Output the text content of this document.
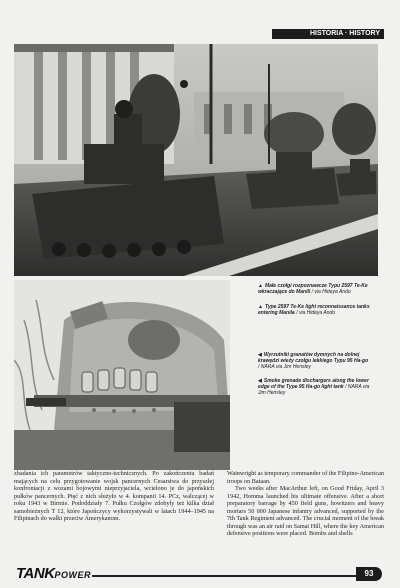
HISTORIA · HISTORY
▲ Małe czołgi rozpoznawcze Typu 2597 Te-Ke wkraczające do Manili / via Hideya Ando
▲ Type 2597 Te-Ke light reconnaissance tanks entering Manila / via Hideya Ando
◀ Wyrzutniki granatów dymnych na dolnej krawędzi wieży czołgu lekkiego Typu 95 Ha-go / NARA via Jim Hensley
◀ Smoke grenade dischargers along the lower edge of the Type 95 Ha-go light tank / NARA via Jim Hensley

zbadania ich parametrów taktyczno-technicznych. Po zakończeniu badań mających na celu przygotowanie wojsk pancernych Cesarstwa do przyszłej konfrontacji z wozami bojowymi nieprzyjaciela, wcielono je do japońskich pułków pancernych. Pięć z nich służyło w 4. kompanii 14. PCz, walczącej w roku 1943 w Birmie. Pododdziały 7. Pułku Czołgów zdobyły też kilka dział samobieżnych T 12, które Japończycy wykorzystywali w latach 1944–1945 na Filipinach do walki przeciw Amerykanom.

Wainwright as temporary commander of the Filipino-American troops on Bataan.

Two weeks after MacArthur left, on Good Friday, April 3 1942, Homma launched his ultimate offensive. After a short preparatory barrage by 450 field guns, howitzers and heavy mortars 50 000 Japanese infantry advanced, supported by the 7th Tank Regiment advanced. The crucial moment of the break through was an air raid on Samat Hill, where the key American defensive positions were placed. Bombs and shells

TANKPOWER	93
